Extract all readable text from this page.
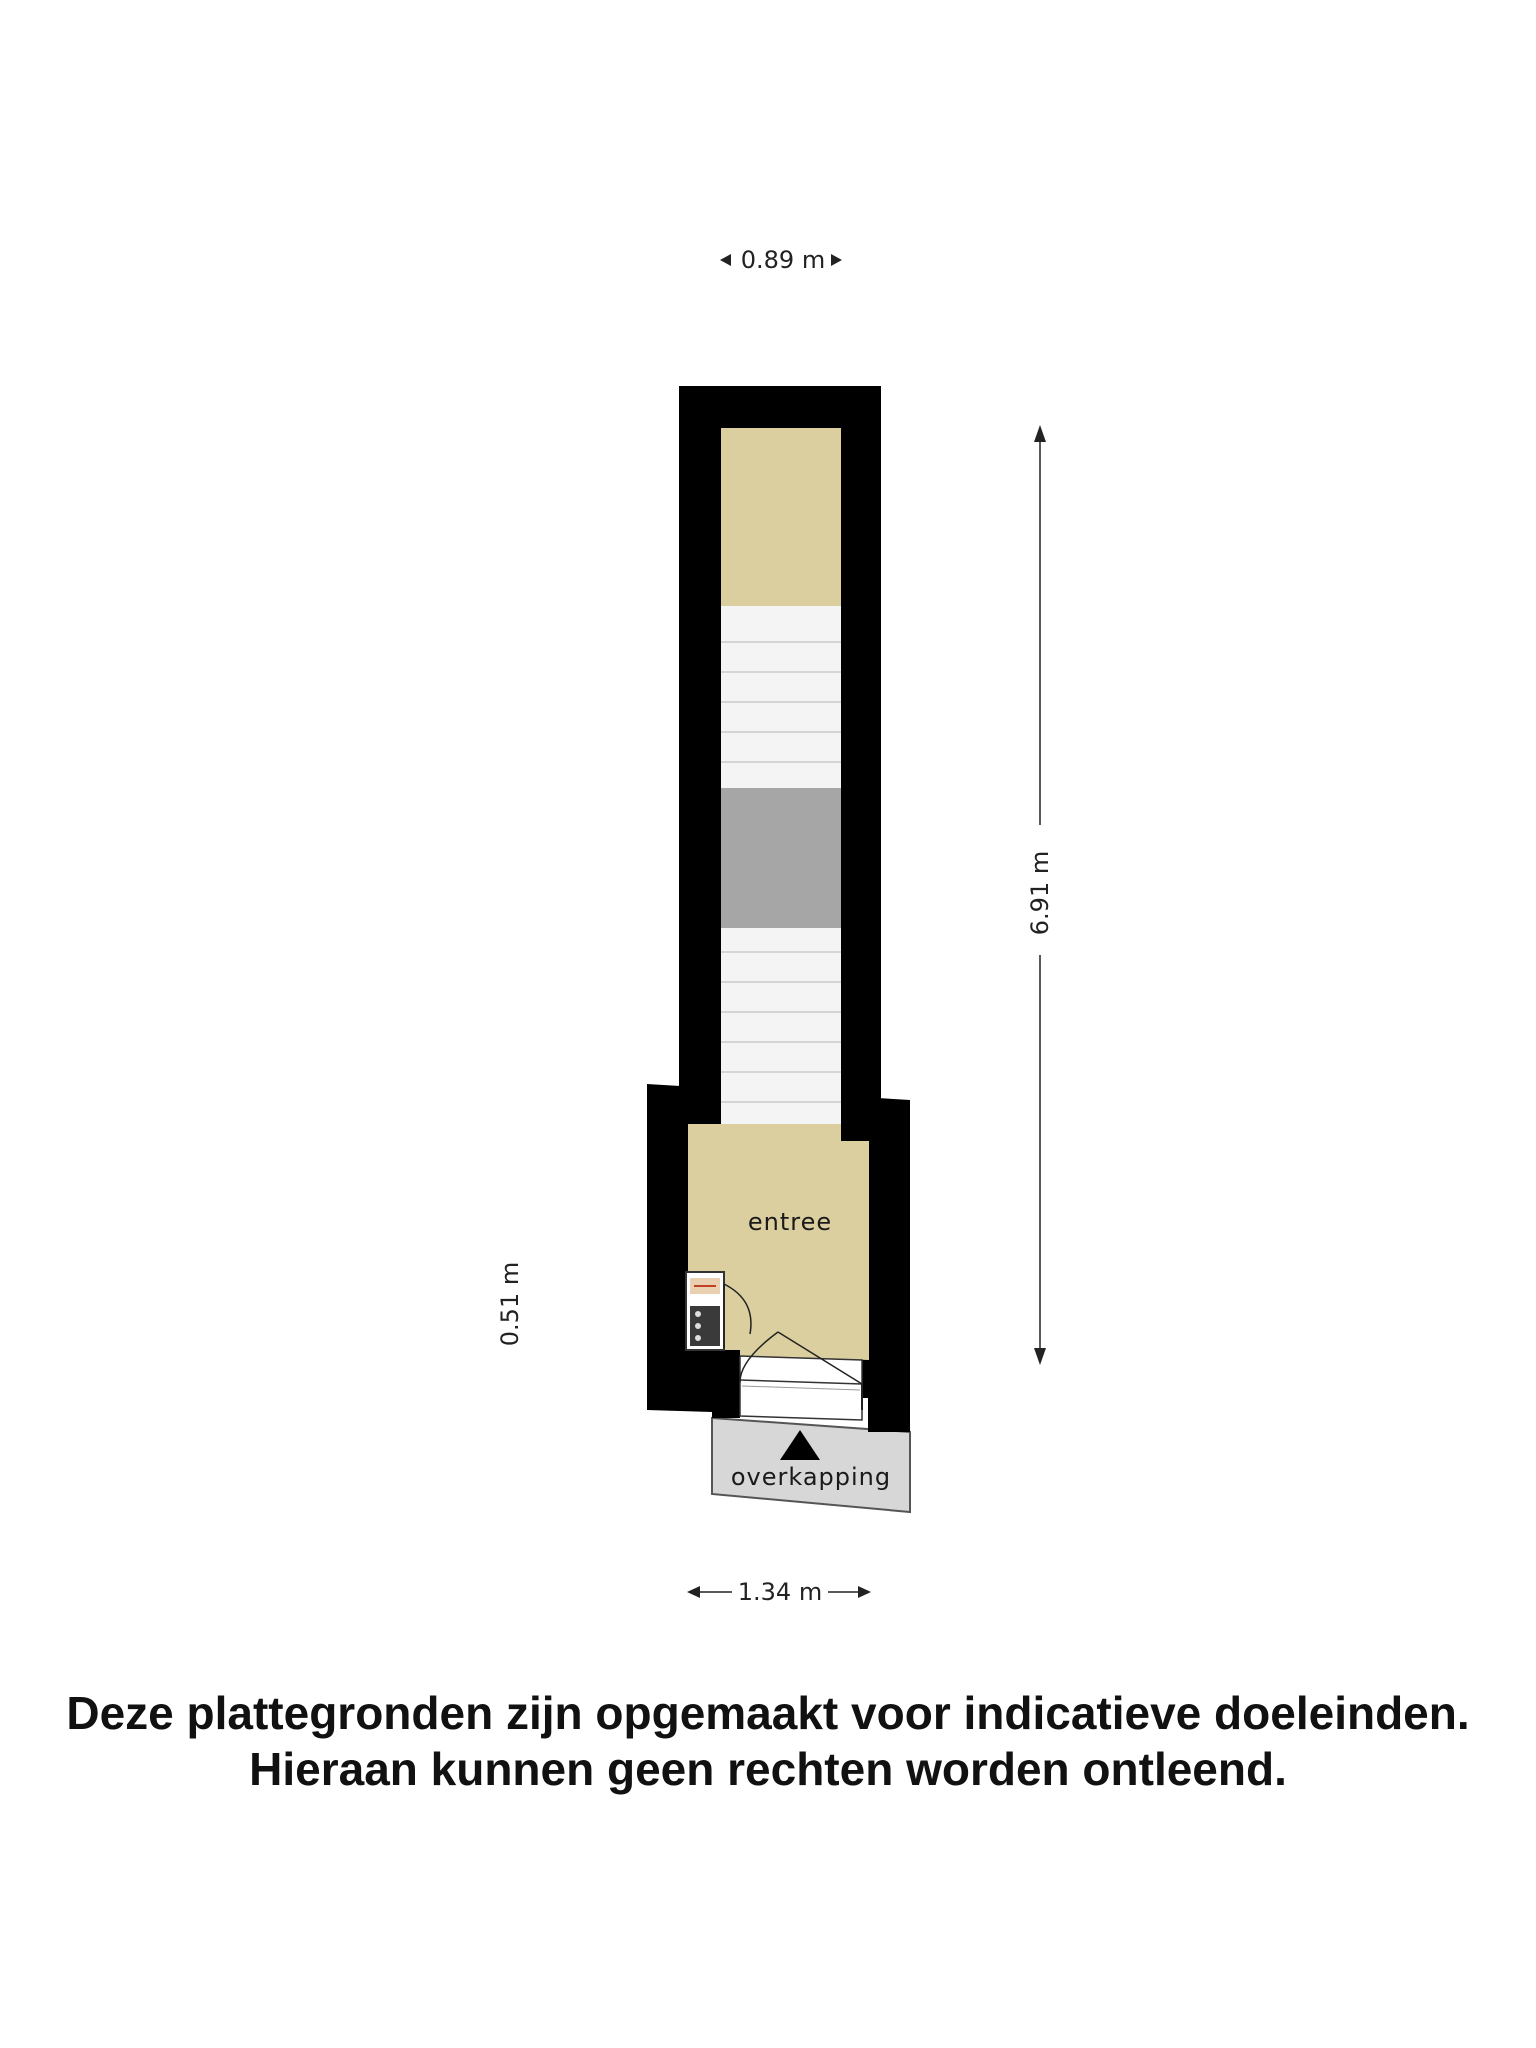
0.89 m
6.91 m
0.51 m
1.34 m
overkapping
entree
Deze plattegronden zijn opgemaakt voor indicatieve doeleinden.
Hieraan kunnen geen rechten worden ontleend.
